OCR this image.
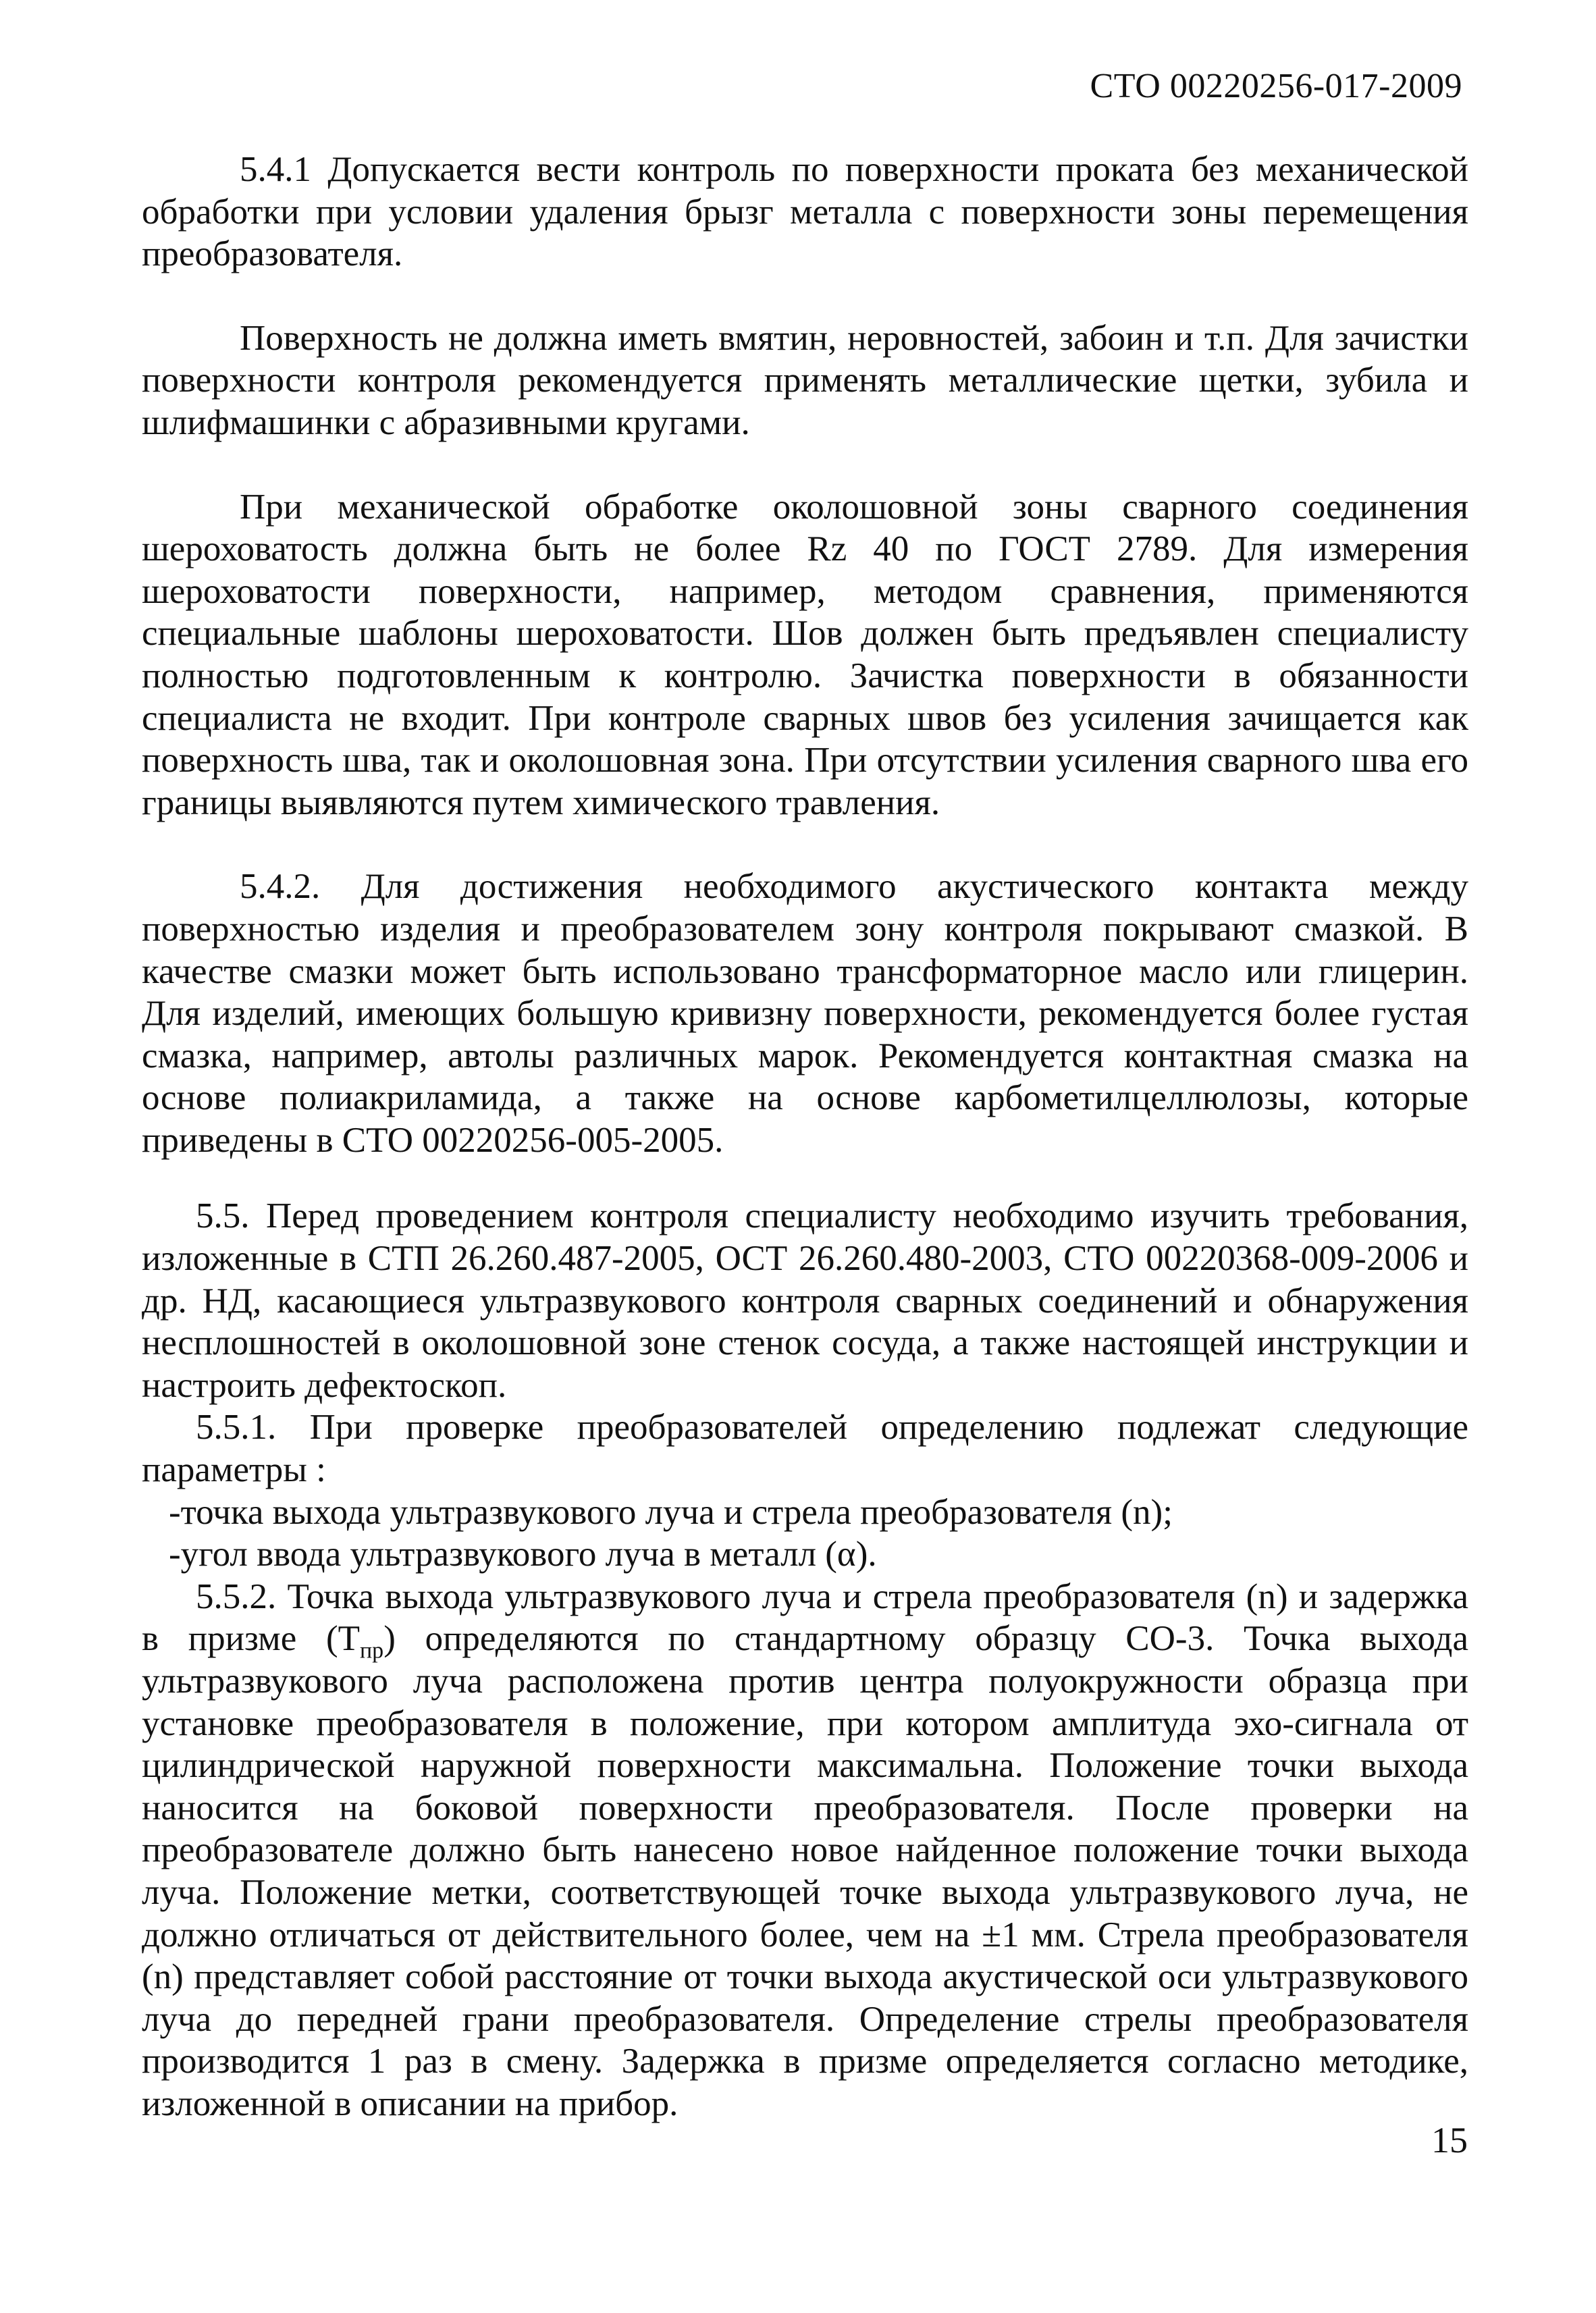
СТО 00220256-017-2009

5.4.1 Допускается вести контроль по поверхности проката без механической обработки при условии удаления брызг металла с поверхности зоны перемещения преобразователя.

Поверхность не должна иметь вмятин, неровностей, забоин и т.п. Для зачистки поверхности контроля рекомендуется применять металлические щетки, зубила и шлифмашинки с абразивными кругами.

При механической обработке околошовной зоны сварного соединения шероховатость должна быть не более Rz 40 по ГОСТ 2789. Для измерения шероховатости поверхности, например, методом сравнения, применяются специальные шаблоны шероховатости. Шов должен быть предъявлен специалисту полностью подготовленным к контролю. Зачистка поверхности в обязанности специалиста не входит. При контроле сварных швов без усиления зачищается как поверхность шва, так и околошовная зона. При отсутствии усиления сварного шва его границы выявляются путем химического травления.

5.4.2. Для достижения необходимого акустического контакта между поверхностью изделия и преобразователем зону контроля покрывают смазкой. В качестве смазки может быть использовано трансформаторное масло или глицерин. Для изделий, имеющих большую кривизну поверхности, рекомендуется более густая смазка, например, автолы различных марок. Рекомендуется контактная смазка на основе полиакриламида, а также на основе карбометилцеллюлозы, которые приведены в СТО 00220256-005-2005.

5.5. Перед проведением контроля специалисту необходимо изучить требования, изложенные в СТП 26.260.487-2005, ОСТ 26.260.480-2003, СТО 00220368-009-2006 и др. НД, касающиеся ультразвукового контроля сварных соединений и обнаружения несплошностей в околошовной зоне стенок сосуда, а также настоящей инструкции и настроить дефектоскоп.

5.5.1. При проверке преобразователей определению подлежат следующие параметры :

-точка выхода ультразвукового луча и стрела преобразователя (n);

-угол ввода ультразвукового луча в металл (α).

5.5.2. Точка выхода ультразвукового луча и стрела преобразователя (n) и задержка в призме $(T_{пр})$ определяются по стандартному образцу СО-3. Точка выхода ультразвукового луча расположена против центра полуокружности образца при установке преобразователя в положение, при котором амплитуда эхо-сигнала от цилиндрической наружной поверхности максимальна. Положение точки выхода наносится на боковой поверхности преобразователя. После проверки на преобразователе должно быть нанесено новое найденное положение точки выхода луча. Положение метки, соответствующей точке выхода ультразвукового луча, не должно отличаться от действительного более, чем на ±1 мм. Стрела преобразователя (n) представляет собой расстояние от точки выхода акустической оси ультразвукового луча до передней грани преобразователя. Определение стрелы преобразователя производится 1 раз в смену. Задержка в призме определяется согласно методике, изложенной в описании на прибор.

15
